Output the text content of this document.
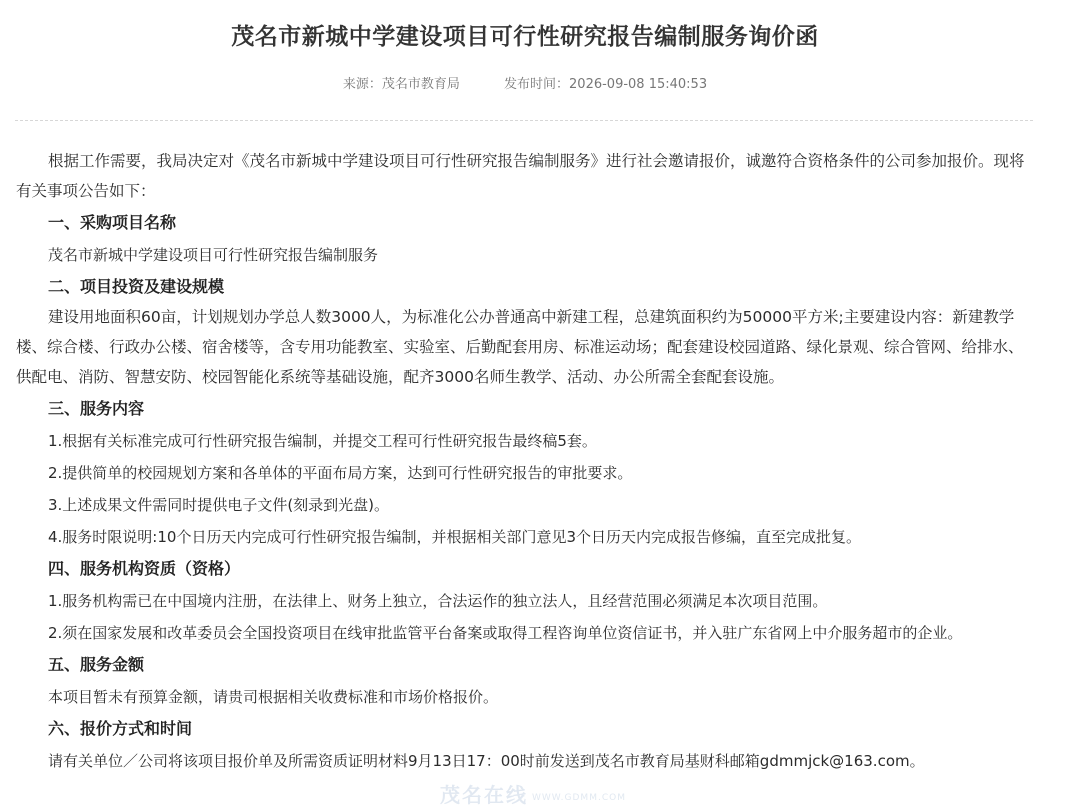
茂名市新城中学建设项目可行性研究报告编制服务询价函
来源：茂名市教育局	发布时间：2026-09-08 15:40:53

根据工作需要，我局决定对《茂名市新城中学建设项目可行性研究报告编制服务》进行社会邀请报价，诚邀符合资格条件的公司参加报价。现将有关事项公告如下：

一、采购项目名称
茂名市新城中学建设项目可行性研究报告编制服务
二、项目投资及建设规模

建设用地面积60亩，计划规划办学总人数3000人，为标准化公办普通高中新建工程，总建筑面积约为50000平方米;主要建设内容：新建教学楼、综合楼、行政办公楼、宿舍楼等，含专用功能教室、实验室、后勤配套用房、标准运动场；配套建设校园道路、绿化景观、综合管网、给排水、供配电、消防、智慧安防、校园智能化系统等基础设施，配齐3000名师生教学、活动、办公所需全套配套设施。

三、服务内容
1.根据有关标准完成可行性研究报告编制，并提交工程可行性研究报告最终稿5套。
2.提供简单的校园规划方案和各单体的平面布局方案，达到可行性研究报告的审批要求。
3.上述成果文件需同时提供电子文件(刻录到光盘)。
4.服务时限说明:10个日历天内完成可行性研究报告编制，并根据相关部门意见3个日历天内完成报告修编，直至完成批复。
四、服务机构资质（资格）
1.服务机构需已在中国境内注册，在法律上、财务上独立，合法运作的独立法人，且经营范围必须满足本次项目范围。
2.须在国家发展和改革委员会全国投资项目在线审批监管平台备案或取得工程咨询单位资信证书，并入驻广东省网上中介服务超市的企业。
五、服务金额
本项目暂未有预算金额，请贵司根据相关收费标准和市场价格报价。
六、报价方式和时间
请有关单位／公司将该项目报价单及所需资质证明材料9月13日17：00时前发送到茂名市教育局基财科邮箱gdmmjck@163.com。
茂名在线 WWW.GDMM.COM
